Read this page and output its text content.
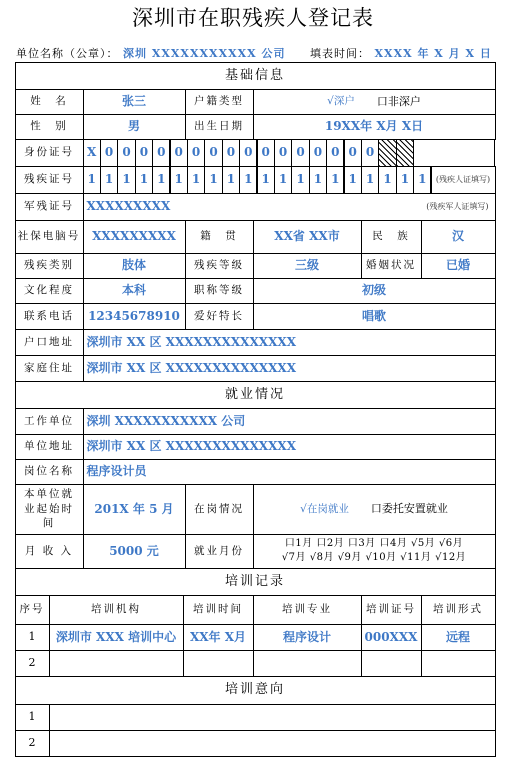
深圳市在职残疾人登记表
单位名称（公章）： 深圳 XXXXXXXXXXX 公司 填表时间： XXXX 年 X 月 X 日
基础信息
姓　名	张三	户籍类型	√深户 口非深户
性　别	男	出生日期	19XX年 X月 X日
身份证号	X 0 0 0 0 0 0 0 0 0 0 0 0 0 0 0 0
残疾证号	1 1 1 1 1 1 1 1 1 1 1 1 1 1 1 1 1 1 1 1	(残疾人证填写)
军残证号	XXXXXXXXX	(残疾军人证填写)
社保电脑号 XXXXXXXXX	籍　贯	XX省 XX市	民　族	汉
残疾类别	肢体	残疾等级	三级	婚姻状况	已婚
文化程度	本科	职称等级	初级
联系电话	12345678910	爱好特长	唱歌
户口地址	深圳市 XX 区 XXXXXXXXXXXXXX
家庭住址	深圳市 XX 区 XXXXXXXXXXXXXX
就业情况
工作单位	深圳 XXXXXXXXXXX 公司
单位地址	深圳市 XX 区 XXXXXXXXXXXXXX
岗位名称	程序设计员
本单位就
业起始时
间
201X 年 5 月	在岗情况	√在岗就业 口委托安置就业
月 收 入	5000 元	就业月份
口1月 口2月 口3月 口4月 √5月 √6月
√7月 √8月 √9月 √10月 √11月 √12月
培训记录
序号	培训机构	培训时间	培训专业	培训证号	培训形式
1	深圳市 XXX 培训中心	XX年 X月	程序设计	000XXX	远程
2
培训意向
1
2
